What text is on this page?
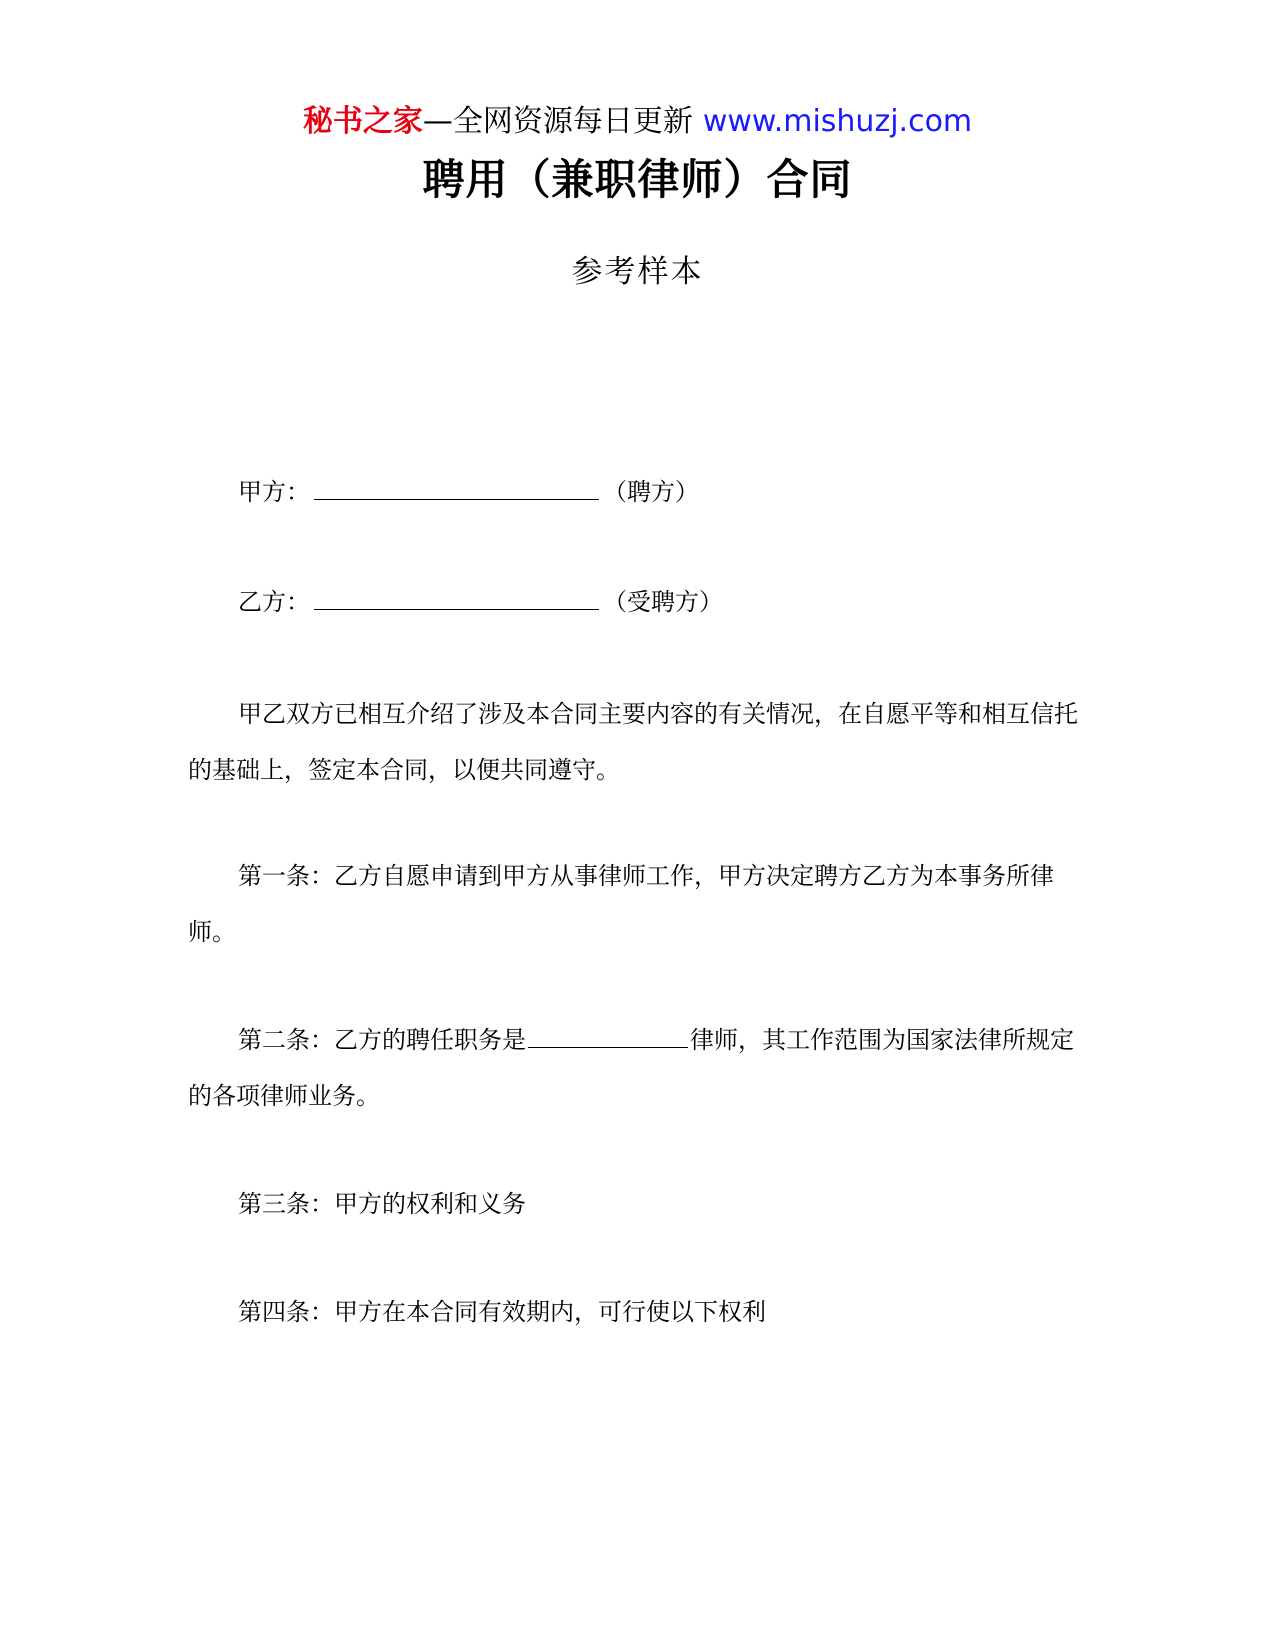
秘书之家—全网资源每日更新 www.mishuzj.com
聘用（兼职律师）合同
参考样本
甲方：	（聘方）
乙方：	（受聘方）
甲乙双方已相互介绍了涉及本合同主要内容的有关情况，在自愿平等和相互信托的基础上，签定本合同，以便共同遵守。
第一条：乙方自愿申请到甲方从事律师工作，甲方决定聘方乙方为本事务所律师。
第二条：乙方的聘任职务是	律师，其工作范围为国家法律所规定的各项律师业务。
第三条：甲方的权利和义务
第四条：甲方在本合同有效期内，可行使以下权利
